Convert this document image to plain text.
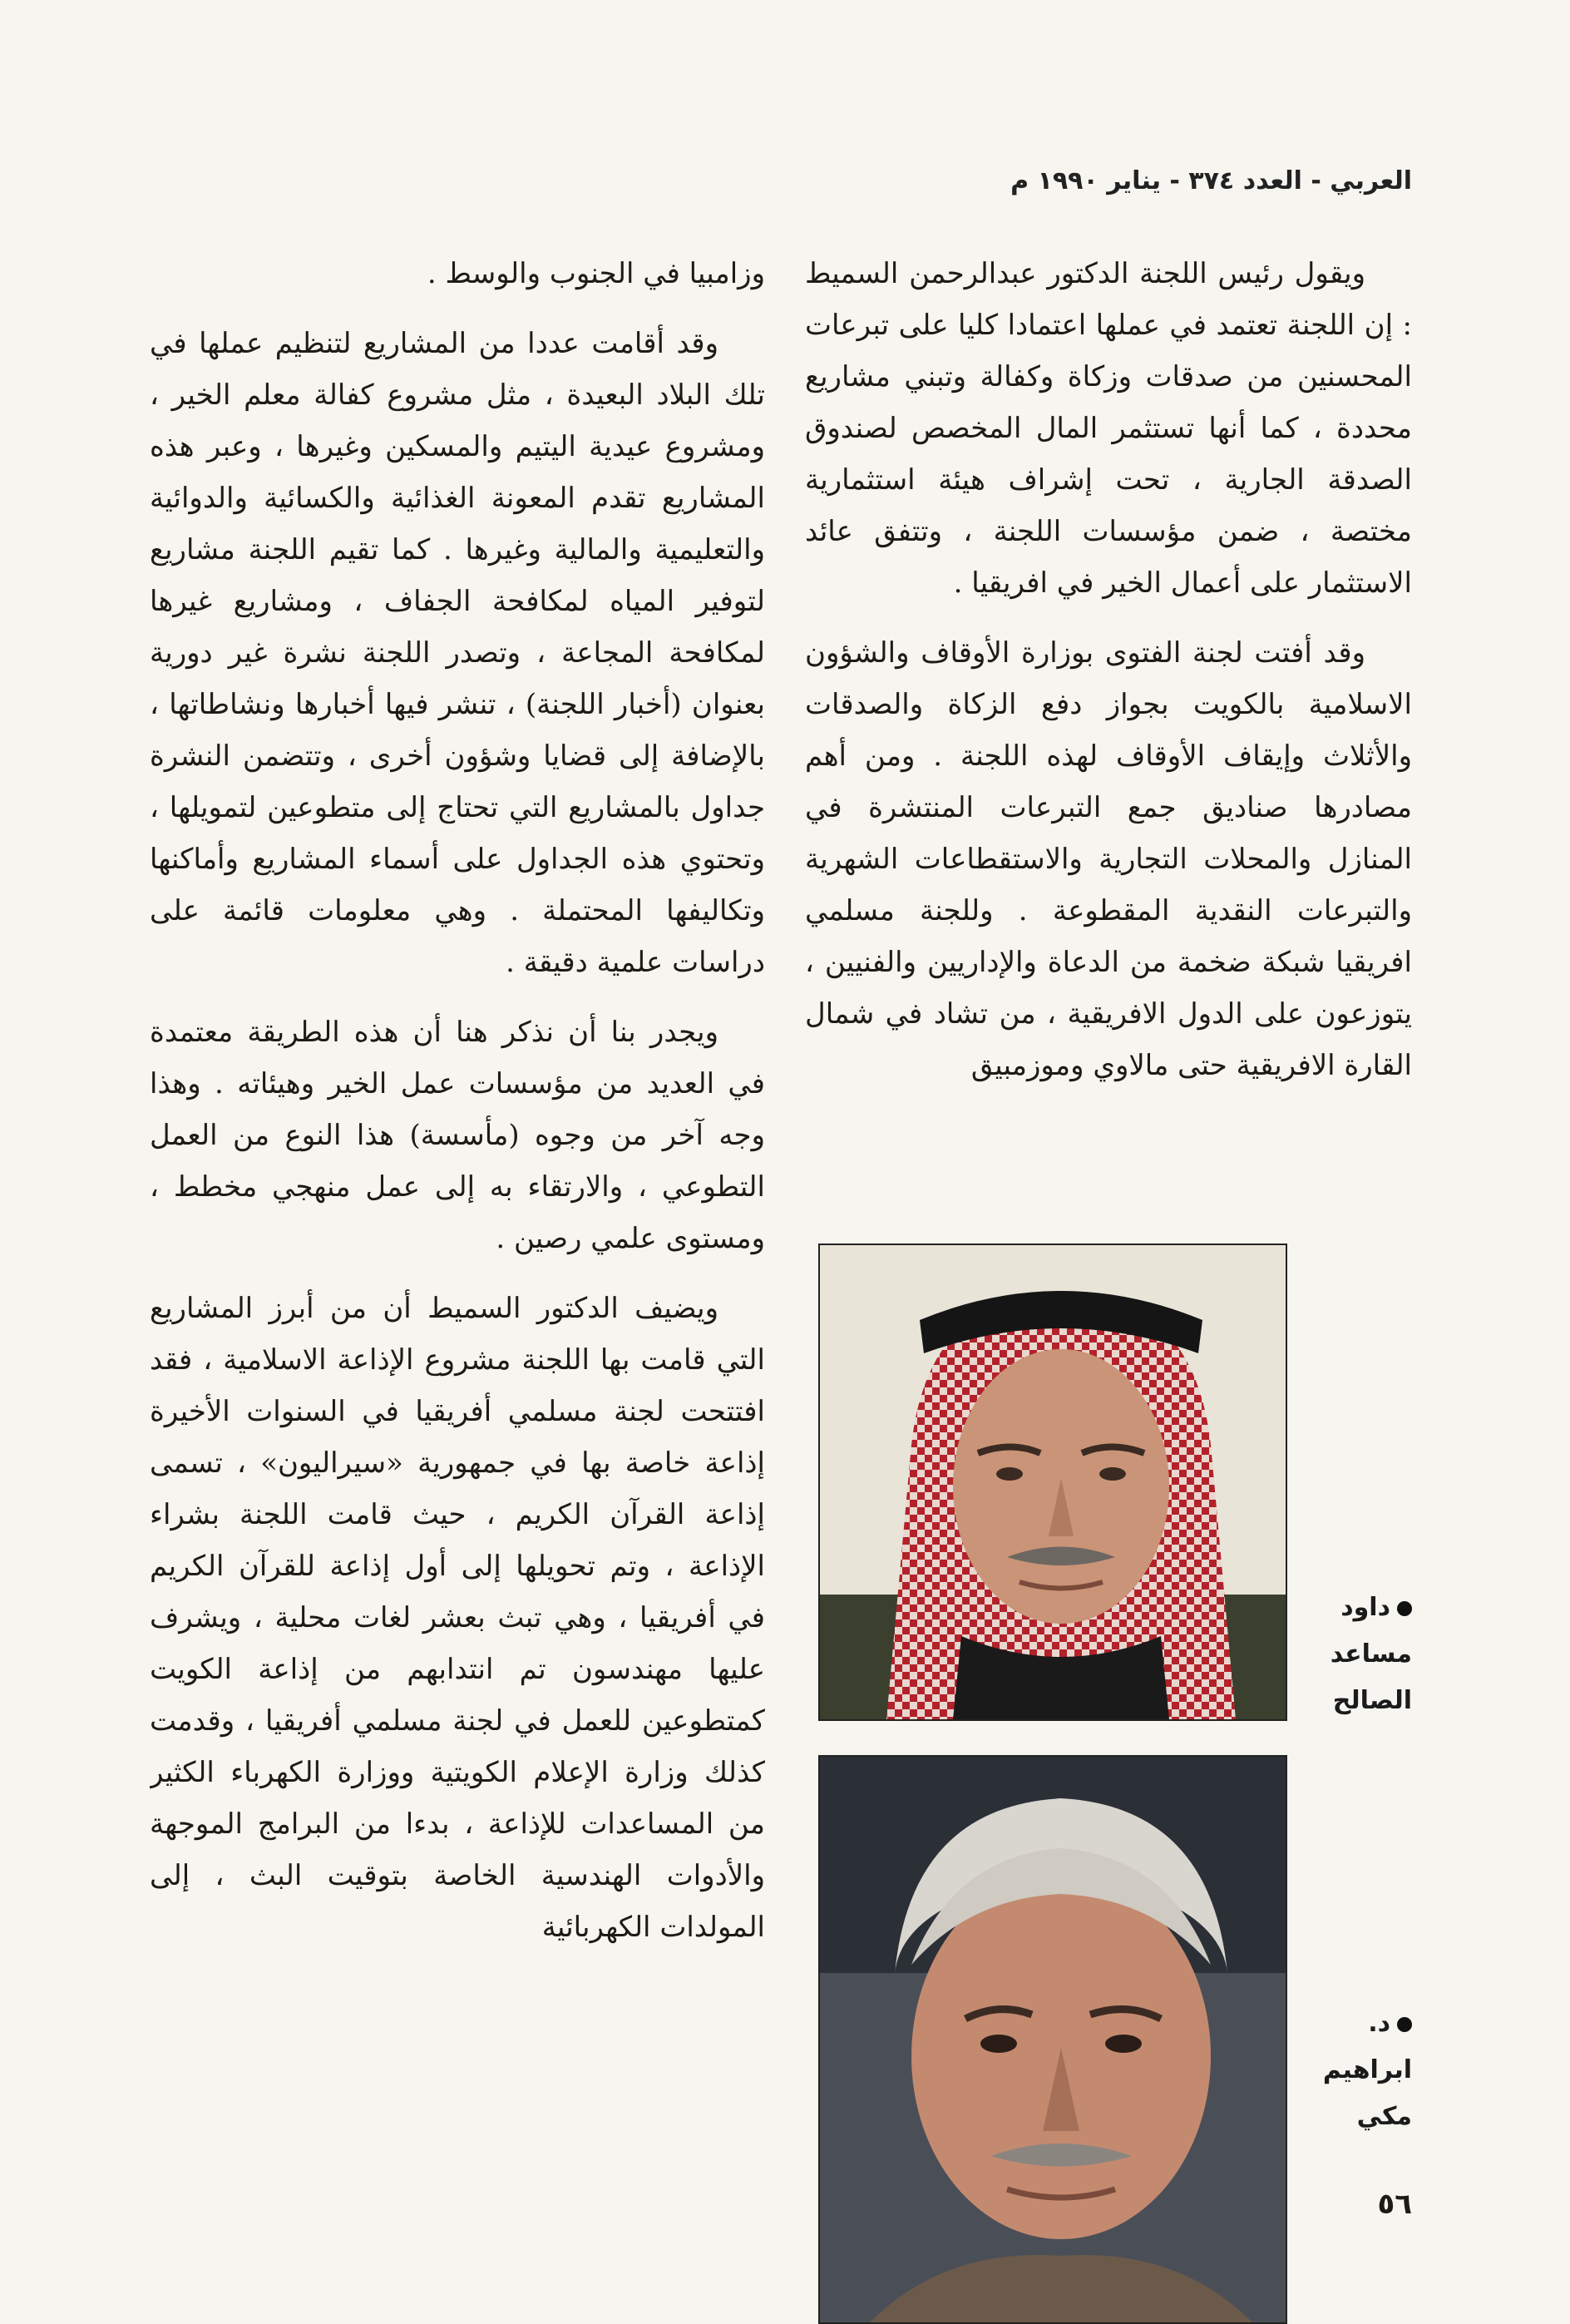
العربي - العدد ٣٧٤ - يناير ١٩٩٠ م

ويقول رئيس اللجنة الدكتور عبدالرحمن السميط : إن اللجنة تعتمد في عملها اعتمادا كليا على تبرعات المحسنين من صدقات وزكاة وكفالة وتبني مشاريع محددة ، كما أنها تستثمر المال المخصص لصندوق الصدقة الجارية ، تحت إشراف هيئة استثمارية مختصة ، ضمن مؤسسات اللجنة ، وتتفق عائد الاستثمار على أعمال الخير في افريقيا .

وقد أفتت لجنة الفتوى بوزارة الأوقاف والشؤون الاسلامية بالكويت بجواز دفع الزكاة والصدقات والأثلاث وإيقاف الأوقاف لهذه اللجنة . ومن أهم مصادرها صناديق جمع التبرعات المنتشرة في المنازل والمحلات التجارية والاستقطاعات الشهرية والتبرعات النقدية المقطوعة . وللجنة مسلمي افريقيا شبكة ضخمة من الدعاة والإداريين والفنيين ، يتوزعون على الدول الافريقية ، من تشاد في شمال القارة الافريقية حتى مالاوي وموزمبيق

وزامبيا في الجنوب والوسط .

وقد أقامت عددا من المشاريع لتنظيم عملها في تلك البلاد البعيدة ، مثل مشروع كفالة معلم الخير ، ومشروع عيدية اليتيم والمسكين وغيرها ، وعبر هذه المشاريع تقدم المعونة الغذائية والكسائية والدوائية والتعليمية والمالية وغيرها . كما تقيم اللجنة مشاريع لتوفير المياه لمكافحة الجفاف ، ومشاريع غيرها لمكافحة المجاعة ، وتصدر اللجنة نشرة غير دورية بعنوان (أخبار اللجنة) ، تنشر فيها أخبارها ونشاطاتها ، بالإضافة إلى قضايا وشؤون أخرى ، وتتضمن النشرة جداول بالمشاريع التي تحتاج إلى متطوعين لتمويلها ، وتحتوي هذه الجداول على أسماء المشاريع وأماكنها وتكاليفها المحتملة . وهي معلومات قائمة على دراسات علمية دقيقة .

ويجدر بنا أن نذكر هنا أن هذه الطريقة معتمدة في العديد من مؤسسات عمل الخير وهيئاته . وهذا وجه آخر من وجوه (مأسسة) هذا النوع من العمل التطوعي ، والارتقاء به إلى عمل منهجي مخطط ، ومستوى علمي رصين .

ويضيف الدكتور السميط أن من أبرز المشاريع التي قامت بها اللجنة مشروع الإذاعة الاسلامية ، فقد افتتحت لجنة مسلمي أفريقيا في السنوات الأخيرة إذاعة خاصة بها في جمهورية «سيراليون» ، تسمى إذاعة القرآن الكريم ، حيث قامت اللجنة بشراء الإذاعة ، وتم تحويلها إلى أول إذاعة للقرآن الكريم في أفريقيا ، وهي تبث بعشر لغات محلية ، ويشرف عليها مهندسون تم انتدابهم من إذاعة الكويت كمتطوعين للعمل في لجنة مسلمي أفريقيا ، وقدمت كذلك وزارة الإعلام الكويتية ووزارة الكهرباء الكثير من المساعدات للإذاعة ، بدءا من البرامج الموجهة والأدوات الهندسية الخاصة بتوقيت البث ، إلى المولدات الكهربائية

داود
مساعد
الصالح
د.
ابراهيم
مكي
٥٦
